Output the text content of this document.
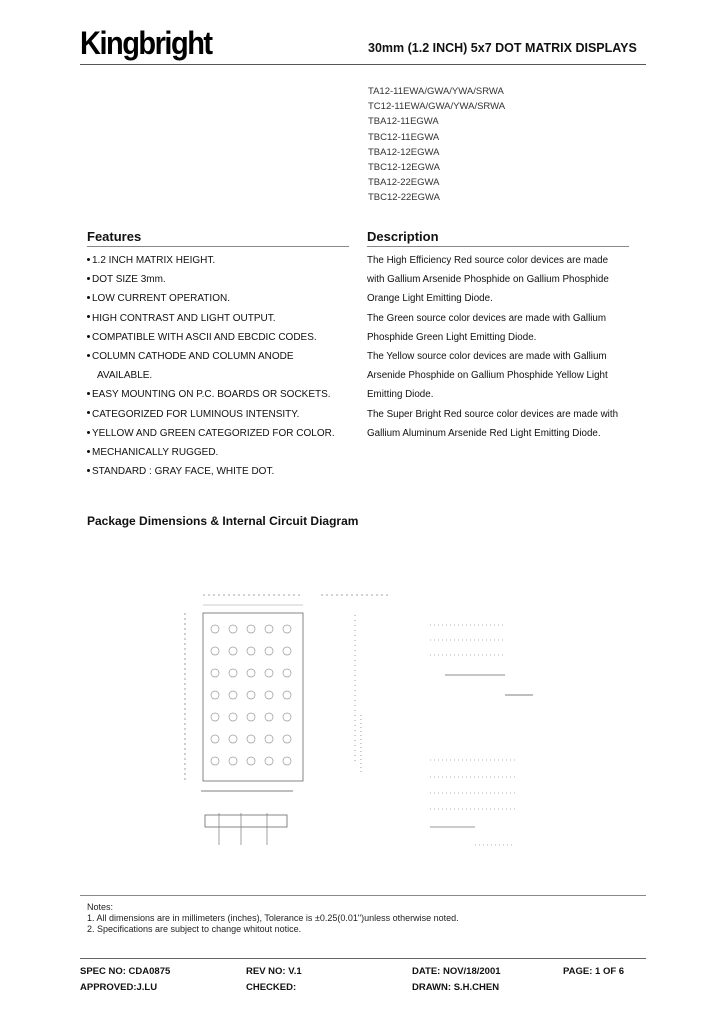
Kingbright	30mm (1.2 INCH) 5x7 DOT MATRIX DISPLAYS
TA12-11EWA/GWA/YWA/SRWA
TC12-11EWA/GWA/YWA/SRWA
TBA12-11EGWA
TBC12-11EGWA
TBA12-12EGWA
TBC12-12EGWA
TBA12-22EGWA
TBC12-22EGWA
Features	Description
1.2 INCH MATRIX HEIGHT.
DOT SIZE 3mm.
LOW CURRENT OPERATION.
HIGH CONTRAST AND LIGHT OUTPUT.
COMPATIBLE WITH ASCII AND EBCDIC CODES.
COLUMN CATHODE AND COLUMN ANODE
AVAILABLE.
EASY MOUNTING ON P.C. BOARDS OR SOCKETS.
CATEGORIZED FOR LUMINOUS INTENSITY.
YELLOW AND GREEN CATEGORIZED FOR COLOR.
MECHANICALLY RUGGED.
STANDARD : GRAY FACE, WHITE DOT.
The High Efficiency Red source color devices are made
with Gallium Arsenide Phosphide on Gallium Phosphide
Orange Light Emitting Diode.
The Green source color devices are made with Gallium
Phosphide Green Light Emitting Diode.
The Yellow source color devices are made with Gallium
Arsenide Phosphide on Gallium Phosphide Yellow Light
Emitting Diode.
The Super Bright Red source color devices are made with
Gallium Aluminum Arsenide Red Light Emitting Diode.
Package Dimensions & Internal Circuit Diagram
Notes:
1. All dimensions are in millimeters (inches), Tolerance is ±0.25(0.01")unless otherwise noted.
2. Specifications are subject to change whitout notice.
SPEC NO: CDA0875	REV NO: V.1	DATE: NOV/18/2001	PAGE: 1 OF 6
APPROVED:J.LU	CHECKED:	DRAWN: S.H.CHEN
